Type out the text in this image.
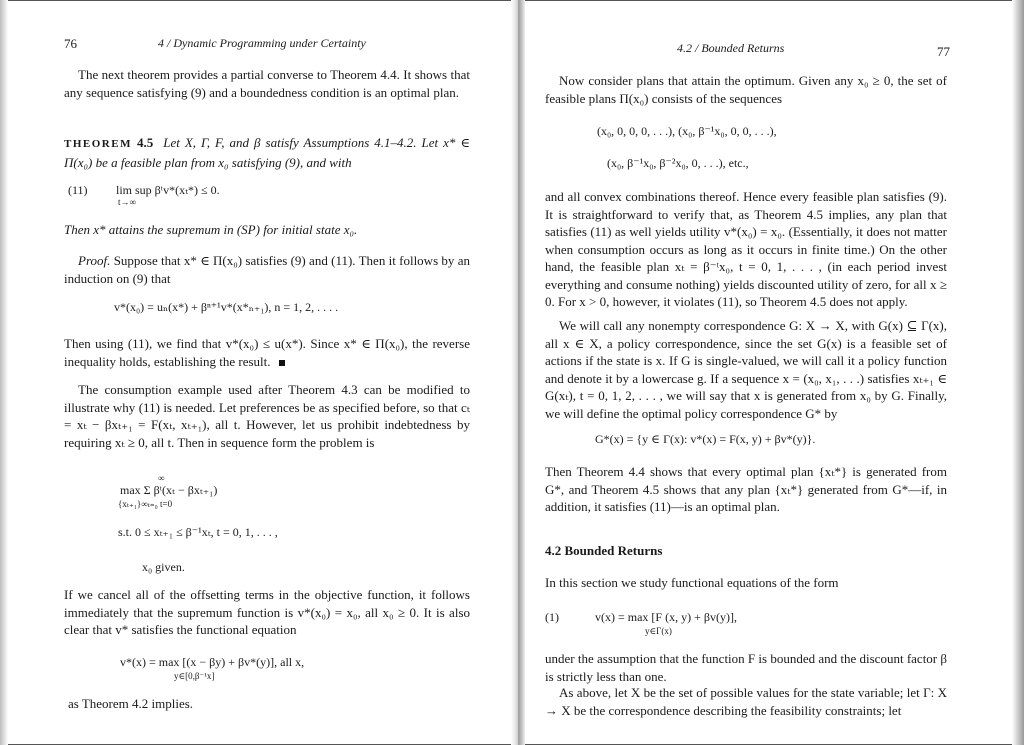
76	4 / Dynamic Programming under Certainty

The next theorem provides a partial converse to Theorem 4.4. It shows that any sequence satisfying (9) and a boundedness condition is an optimal plan.

THEOREM 4.5 Let X, Γ, F, and β satisfy Assumptions 4.1–4.2. Let x* ∈ Π(x₀) be a feasible plan from x₀ satisfying (9), and with

(11) lim sup βᵗv*(xₜ*) ≤ 0.
t→∞
Then x* attains the supremum in (SP) for initial state x₀.

Proof. Suppose that x* ∈ Π(x₀) satisfies (9) and (11). Then it follows by an induction on (9) that

v*(x₀) = uₙ(x*) + βⁿ⁺¹v*(x*ₙ₊₁), n = 1, 2, . . . .

Then using (11), we find that v*(x₀) ≤ u(x*). Since x* ∈ Π(x₀), the reverse inequality holds, establishing the result.

The consumption example used after Theorem 4.3 can be modified to illustrate why (11) is needed. Let preferences be as specified before, so that cₜ = xₜ − βxₜ₊₁ = F(xₜ, xₜ₊₁), all t. However, let us prohibit indebtedness by requiring xₜ ≥ 0, all t. Then in sequence form the problem is

∞
max Σ βᵗ(xₜ − βxₜ₊₁)
{xₜ₊₁}∞ₜ₌₀ t=0
s.t. 0 ≤ xₜ₊₁ ≤ β⁻¹xₜ, t = 0, 1, . . . ,
x₀ given.

If we cancel all of the offsetting terms in the objective function, it follows immediately that the supremum function is v*(x₀) = x₀, all x₀ ≥ 0. It is also clear that v* satisfies the functional equation

v*(x) = max [(x − βy) + βv*(y)], all x,
y∈[0,β⁻¹x]
as Theorem 4.2 implies.
4.2 / Bounded Returns	77

Now consider plans that attain the optimum. Given any x₀ ≥ 0, the set of feasible plans Π(x₀) consists of the sequences

(x₀, 0, 0, 0, . . .), (x₀, β⁻¹x₀, 0, 0, . . .),
(x₀, β⁻¹x₀, β⁻²x₀, 0, . . .), etc.,

and all convex combinations thereof. Hence every feasible plan satisfies (9). It is straightforward to verify that, as Theorem 4.5 implies, any plan that satisfies (11) as well yields utility v*(x₀) = x₀. (Essentially, it does not matter when consumption occurs as long as it occurs in finite time.) On the other hand, the feasible plan xₜ = β⁻ᵗx₀, t = 0, 1, . . . , (in each period invest everything and consume nothing) yields discounted utility of zero, for all x ≥ 0. For x > 0, however, it violates (11), so Theorem 4.5 does not apply.

We will call any nonempty correspondence G: X → X, with G(x) ⊆ Γ(x), all x ∈ X, a policy correspondence, since the set G(x) is a feasible set of actions if the state is x. If G is single-valued, we will call it a policy function and denote it by a lowercase g. If a sequence x = (x₀, x₁, . . .) satisfies xₜ₊₁ ∈ G(xₜ), t = 0, 1, 2, . . . , we will say that x is generated from x₀ by G. Finally, we will define the optimal policy correspondence G* by

G*(x) = {y ∈ Γ(x): v*(x) = F(x, y) + βv*(y)}.

Then Theorem 4.4 shows that every optimal plan {xₜ*} is generated from G*, and Theorem 4.5 shows that any plan {xₜ*} generated from G*—if, in addition, it satisfies (11)—is an optimal plan.

4.2 Bounded Returns
In this section we study functional equations of the form
(1)	v(x) = max [F (x, y) + βv(y)],
y∈Γ(x)

under the assumption that the function F is bounded and the discount factor β is strictly less than one.

As above, let X be the set of possible values for the state variable; let Γ: X → X be the correspondence describing the feasibility constraints; let
